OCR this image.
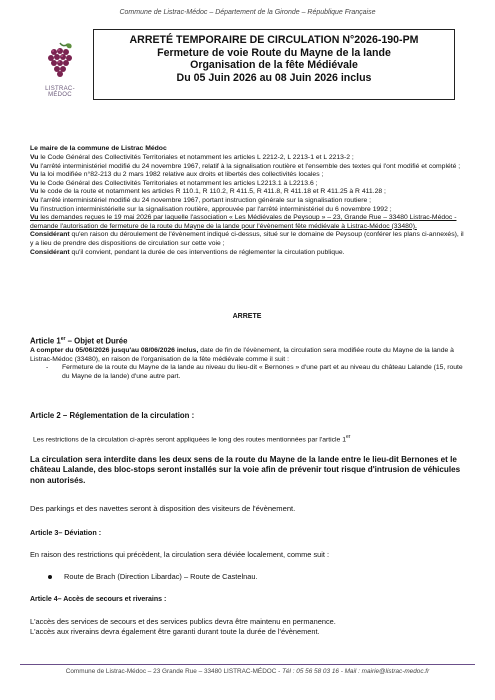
Commune de Listrac-Médoc – Département de la Gironde – République Française
LISTRAC-MÉDOC
ARRETÉ TEMPORAIRE DE CIRCULATION N°2026-190-PM
Fermeture de voie Route du Mayne de la lande
Organisation de la fête Médiévale
Du 05 Juin 2026 au 08 Juin 2026 inclus
Le maire de la commune de Listrac Médoc

Vu le Code Général des Collectivités Territoriales et notamment les articles L 2212-2, L 2213-1 et L 2213-2 ;

Vu l'arrêté interministériel modifié du 24 novembre 1967, relatif à la signalisation routière et l'ensemble des textes qui l'ont modifié et complété ;

Vu la loi modifiée n°82-213 du 2 mars 1982 relative aux droits et libertés des collectivités locales ;

Vu le Code Général des Collectivités Territoriales et notamment les articles L2213.1 à L2213.6 ;

Vu le code de la route et notamment les articles R 110.1, R 110.2, R 411.5, R 411.8, R 411.18 et R 411.25 à R 411.28 ;

Vu l'arrêté interministériel modifié du 24 novembre 1967, portant instruction générale sur la signalisation routiere ;

Vu l'instruction interministérielle sur la signalisation routière, approuvée par l'arrêté interministériel du 6 novembre 1992 ;

Vu les demandes reçues le 19 mai 2026 par laquelle l'association « Les Médiévales de Peysoup » – 23, Grande Rue – 33480 Listrac-Médoc - demande l'autorisation de fermeture de la route du Mayne de la lande pour l'évènement fête médiévale à Listrac-Médoc (33480).

Considérant qu'en raison du déroulement de l'évènement indiqué ci-dessus, situé sur le domaine de Peysoup (conférer les plans ci-annexés), il y a lieu de prendre des dispositions de circulation sur cette voie ;

Considérant qu'il convient, pendant la durée de ces interventions de réglementer la circulation publique.

ARRETE
Article 1er – Objet et Durée
A compter du 05/06/2026 jusqu'au 08/06/2026 inclus, date de fin de l'évènement, la circulation sera modifiée route du Mayne de la lande à Listrac-Médoc (33480), en raison de l'organisation de la fête médiévale comme il suit :
-	Fermeture de la route du Mayne de la lande au niveau du lieu-dit « Bernones » d'une part et au niveau du château Lalande (15, route du Mayne de la lande) d'une autre part.
Article 2 – Réglementation de la circulation :
Les restrictions de la circulation ci-après seront appliquées le long des routes mentionnées par l'article 1er
La circulation sera interdite dans les deux sens de la route du Mayne de la lande entre le lieu-dit Bernones et le château Lalande, des bloc-stops seront installés sur la voie afin de prévenir tout risque d'intrusion de véhicules non autorisés.
Des parkings et des navettes seront à disposition des visiteurs de l'évènement.
Article 3– Déviation :
En raison des restrictions qui précèdent, la circulation sera déviée localement, comme suit :
Route de Brach (Direction Libardac) – Route de Castelnau.
Article 4– Accès de secours et riverains :
L'accès des services de secours et des services publics devra être maintenu en permanence.
L'accès aux riverains devra également être garanti durant toute la durée de l'évènement.
Commune de Listrac-Médoc – 23 Grande Rue – 33480 LISTRAC-MÉDOC - Tél : 05 56 58 03 16 - Mail : mairie@listrac-medoc.fr
